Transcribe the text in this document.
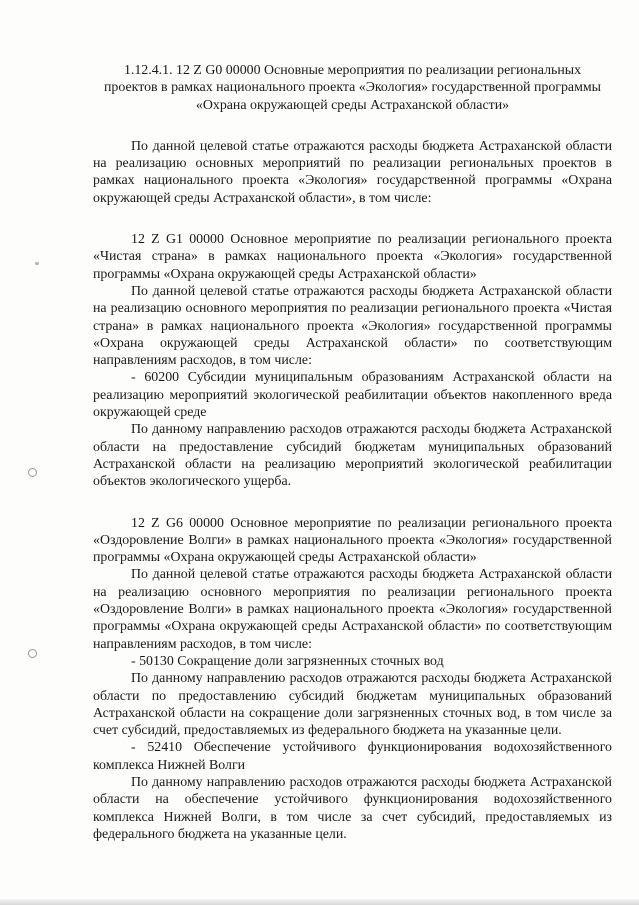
1.12.4.1. 12 Z G0 00000 Основные мероприятия по реализации региональных проектов в рамках национального проекта «Экология» государственной программы «Охрана окружающей среды Астраханской области»

По данной целевой статье отражаются расходы бюджета Астраханской области на реализацию основных мероприятий по реализации региональных проектов в рамках национального проекта «Экология» государственной программы «Охрана окружающей среды Астраханской области», в том числе:

12 Z G1 00000 Основное мероприятие по реализации регионального проекта «Чистая страна» в рамках национального проекта «Экология» государственной программы «Охрана окружающей среды Астраханской области»

По данной целевой статье отражаются расходы бюджета Астраханской области на реализацию основного мероприятия по реализации регионального проекта «Чистая страна» в рамках национального проекта «Экология» государственной программы «Охрана окружающей среды Астраханской области» по соответствующим направлениям расходов, в том числе:

- 60200 Субсидии муниципальным образованиям Астраханской области на реализацию мероприятий экологической реабилитации объектов накопленного вреда окружающей среде

По данному направлению расходов отражаются расходы бюджета Астраханской области на предоставление субсидий бюджетам муниципальных образований Астраханской области на реализацию мероприятий экологической реабилитации объектов экологического ущерба.

12 Z G6 00000 Основное мероприятие по реализации регионального проекта «Оздоровление Волги» в рамках национального проекта «Экология» государственной программы «Охрана окружающей среды Астраханской области»

По данной целевой статье отражаются расходы бюджета Астраханской области на реализацию основного мероприятия по реализации регионального проекта «Оздоровление Волги» в рамках национального проекта «Экология» государственной программы «Охрана окружающей среды Астраханской области» по соответствующим направлениям расходов, в том числе:

- 50130 Сокращение доли загрязненных сточных вод

По данному направлению расходов отражаются расходы бюджета Астраханской области по предоставлению субсидий бюджетам муниципальных образований Астраханской области на сокращение доли загрязненных сточных вод, в том числе за счет субсидий, предоставляемых из федерального бюджета на указанные цели.

- 52410 Обеспечение устойчивого функционирования водохозяйственного комплекса Нижней Волги

По данному направлению расходов отражаются расходы бюджета Астраханской области на обеспечение устойчивого функционирования водохозяйственного комплекса Нижней Волги, в том числе за счет субсидий, предоставляемых из федерального бюджета на указанные цели.
